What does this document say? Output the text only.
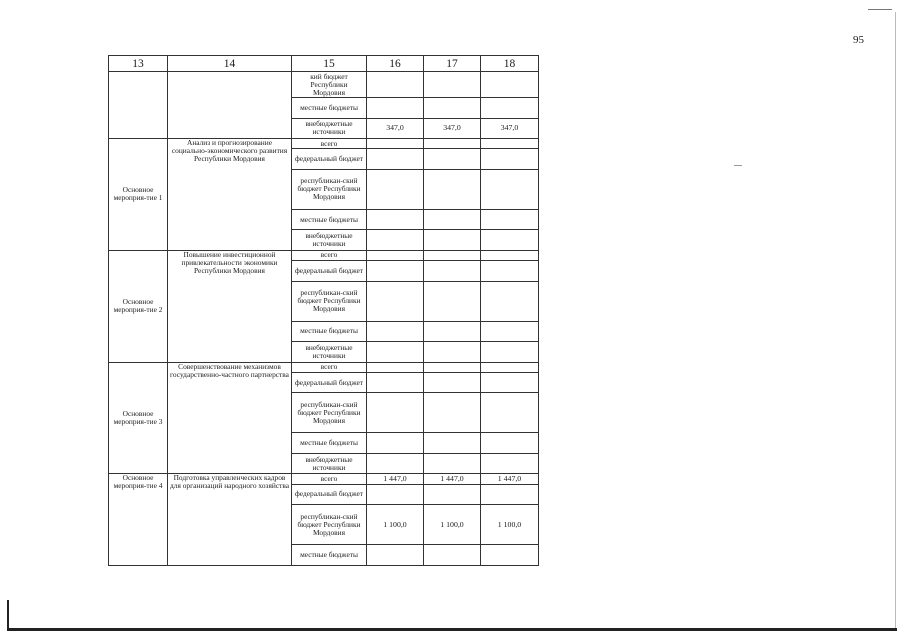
95
13	14	15	16	17	18
		кий бюджет Республики Мордовия			
		местные бюджеты			
		внебюджетные источники	347,0	347,0	347,0
Основное мероприя-тие 1	Анализ и прогнозирование социально-экономического развития Республики Мордовия	всего			
		федеральный бюджет			
		республикан-ский бюджет Республики Мордовия			
		местные бюджеты			
		внебюджетные источники			
Основное мероприя-тие 2	Повышение инвестиционной привлекательности экономики Республики Мордовия	всего			
		федеральный бюджет			
		республикан-ский бюджет Республики Мордовия			
		местные бюджеты			
		внебюджетные источники			
Основное мероприя-тие 3	Совершенствование механизмов государственно-частного партнерства	всего			
		федеральный бюджет			
		республикан-ский бюджет Республики Мордовия			
		местные бюджеты			
		внебюджетные источники			
Основное мероприя-тие 4	Подготовка управленческих кадров для организаций народного хозяйства	всего	1 447,0	1 447,0	1 447,0
		федеральный бюджет			
		республикан-ский бюджет Республики Мордовия	1 100,0	1 100,0	1 100,0
		местные бюджеты			
